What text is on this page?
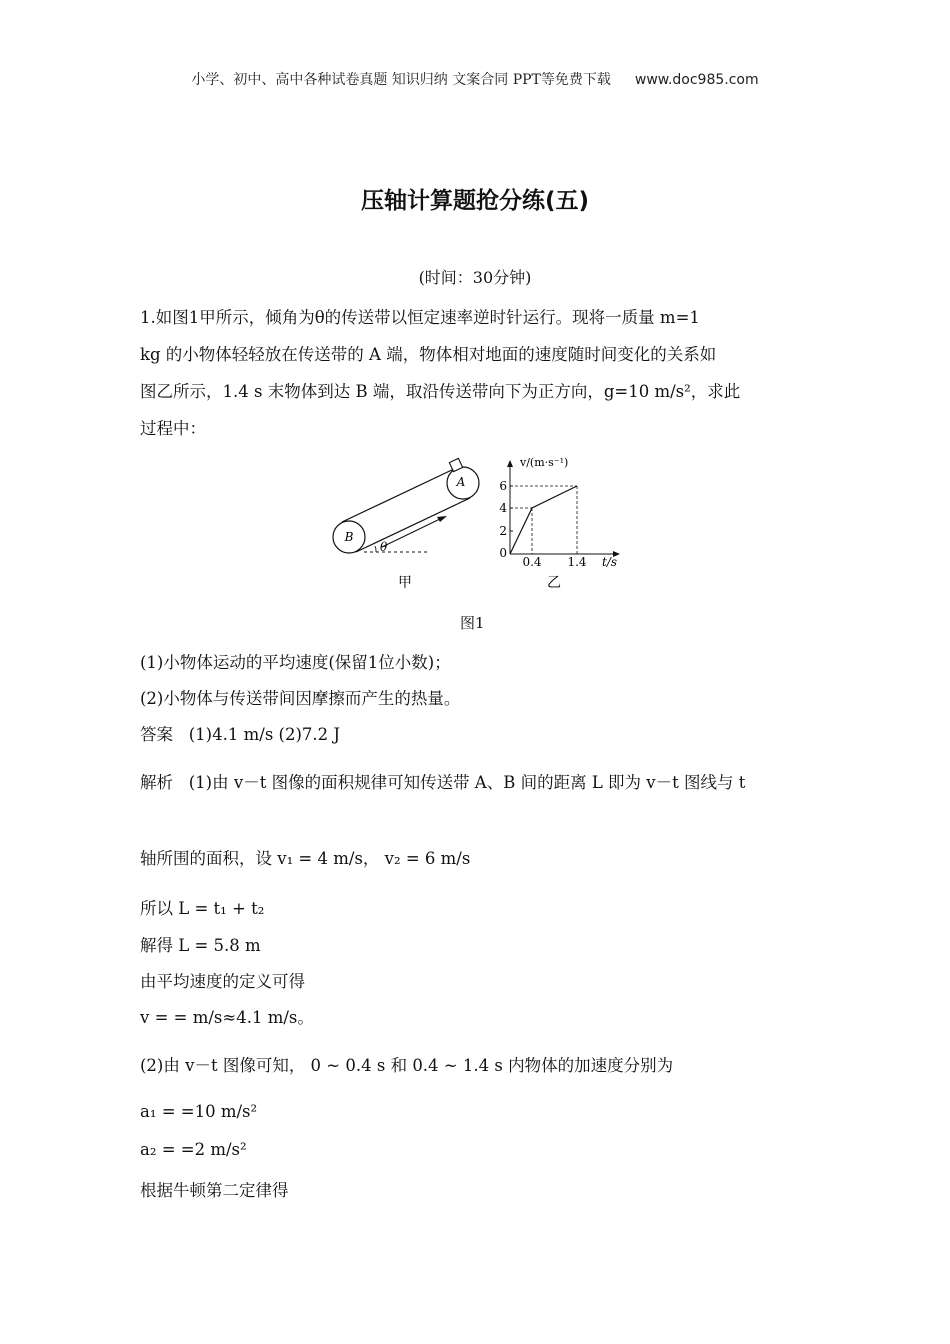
小学、初中、高中各种试卷真题 知识归纳 文案合同 PPT等免费下载 www.doc985.com
压轴计算题抢分练(五)
(时间：30分钟)
1.如图1甲所示，倾角为θ的传送带以恒定速率逆时针运行。现将一质量 m=1
kg 的小物体轻轻放在传送带的 A 端，物体相对地面的速度随时间变化的关系如
图乙所示，1.4 s 末物体到达 B 端，取沿传送带向下为正方向，g=10 m/s²，求此
过程中：
A
B
θ
甲
v/(m·s⁻¹)
t/s
6
4
2
0
0.4 1.4
乙
图1
(1)小物体运动的平均速度(保留1位小数)；
(2)小物体与传送带间因摩擦而产生的热量。
答案 (1)4.1 m/s (2)7.2 J
解析 (1)由 v－t 图像的面积规律可知传送带 A、B 间的距离 L 即为 v－t 图线与 t
轴所围的面积，设 v₁ = 4 m/s， v₂ = 6 m/s
所以 L = t₁ + t₂
解得 L = 5.8 m
由平均速度的定义可得
v = = m/s≈4.1 m/s。
(2)由 v－t 图像可知， 0 ~ 0.4 s 和 0.4 ~ 1.4 s 内物体的加速度分别为
a₁ = =10 m/s²
a₂ = =2 m/s²
根据牛顿第二定律得
